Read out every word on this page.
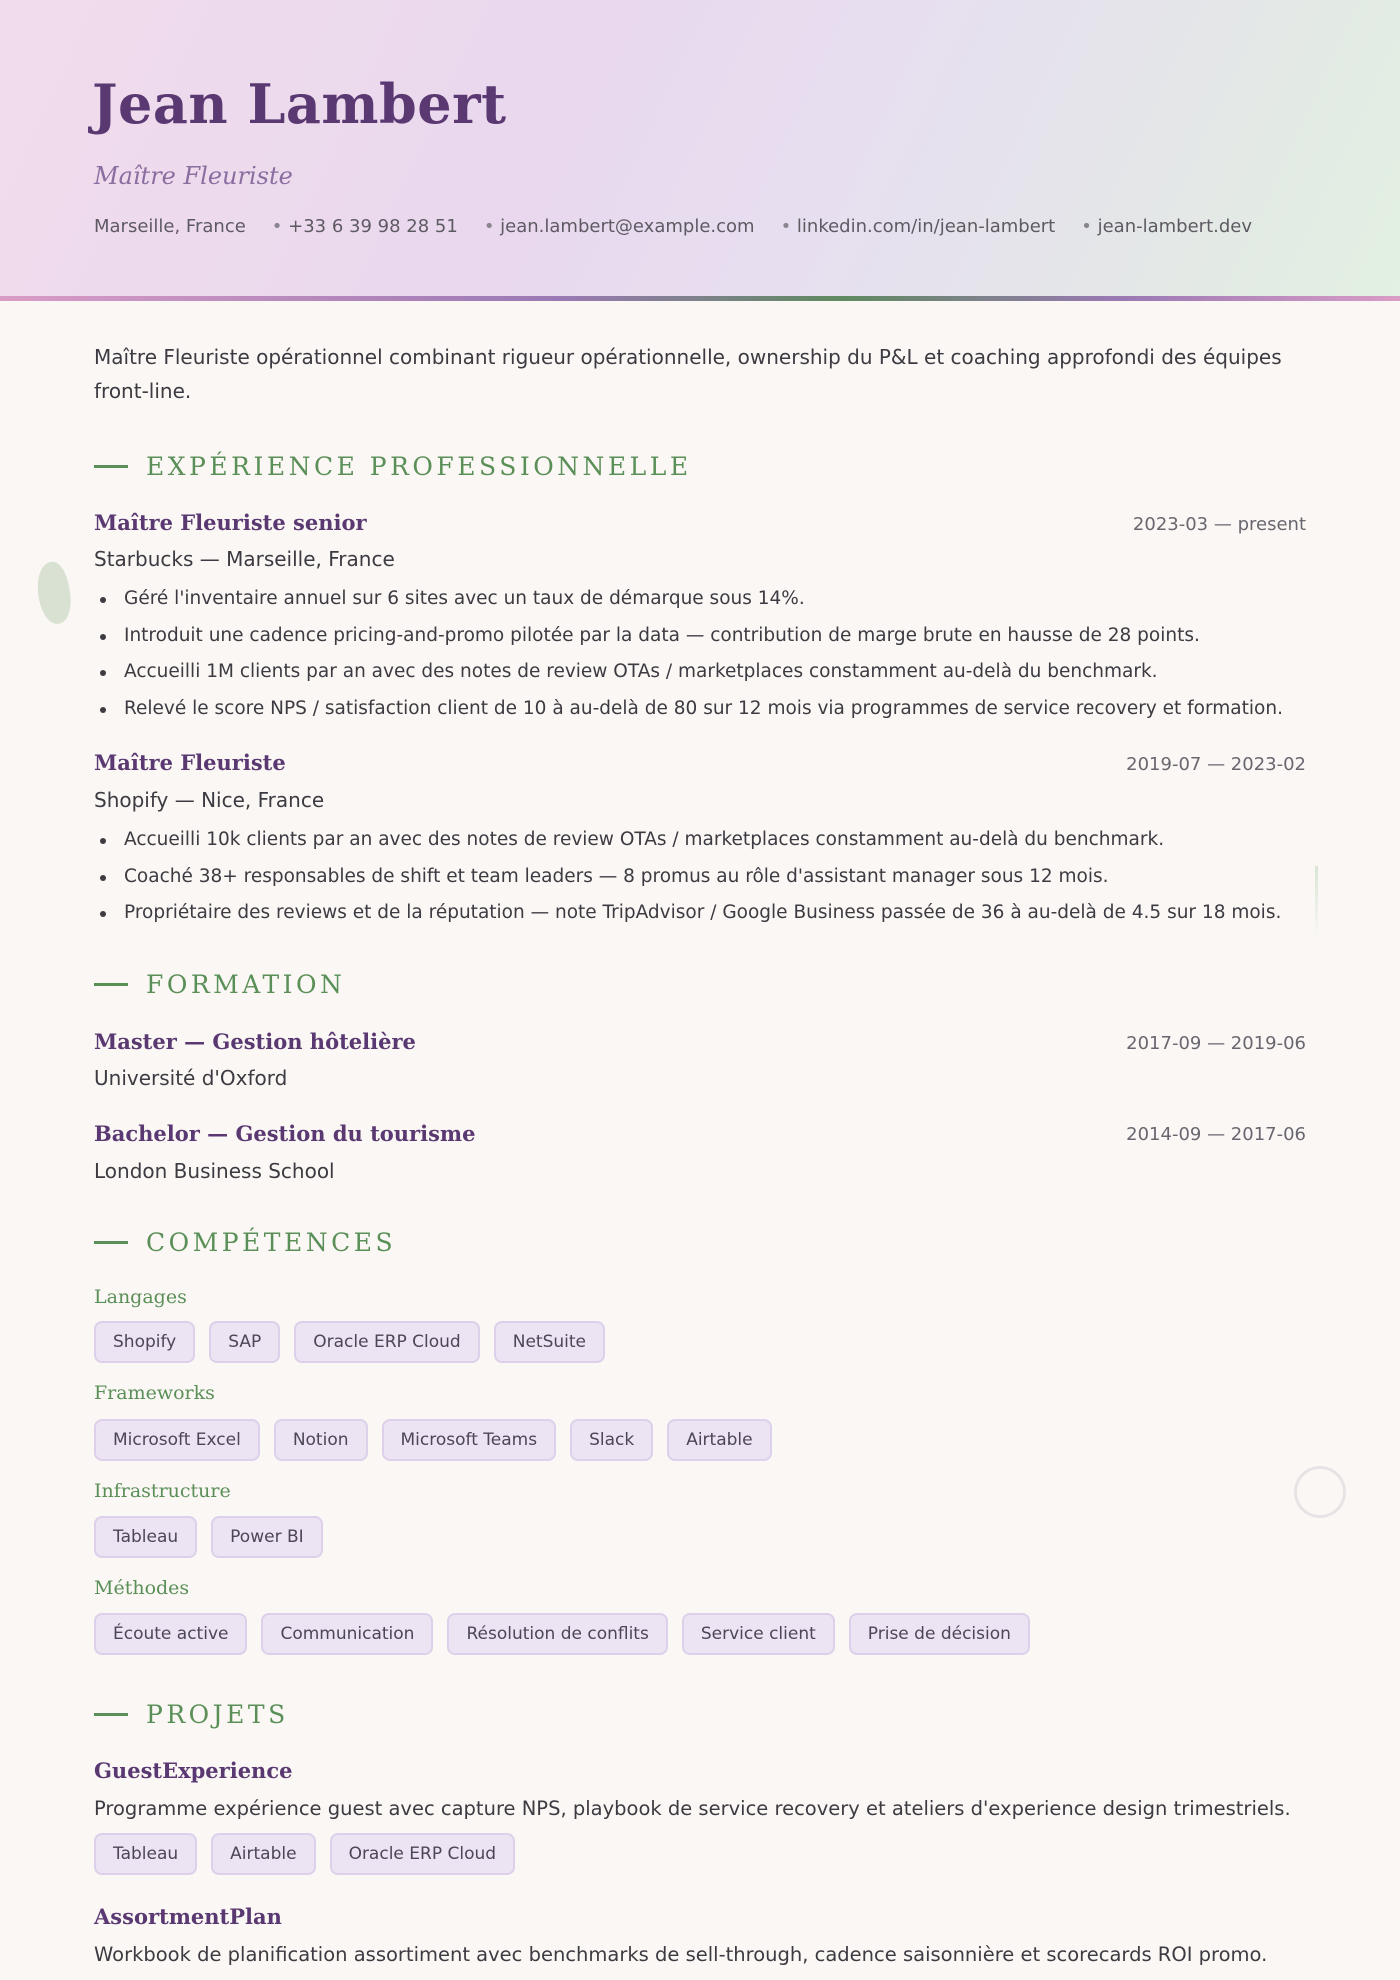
Jean Lambert
Maître Fleuriste
Marseille, France	• +33 6 39 98 28 51	• jean.lambert@example.com	• linkedin.com/in/jean-lambert	• jean-lambert.dev

Maître Fleuriste opérationnel combinant rigueur opérationnelle, ownership du P&L et coaching approfondi des équipes front-line.

EXPÉRIENCE PROFESSIONNELLE
Maître Fleuriste senior	2023-03 — present
Starbucks — Marseille, France
Géré l'inventaire annuel sur 6 sites avec un taux de démarque sous 14%.
Introduit une cadence pricing-and-promo pilotée par la data — contribution de marge brute en hausse de 28 points.
Accueilli 1M clients par an avec des notes de review OTAs / marketplaces constamment au-delà du benchmark.
Relevé le score NPS / satisfaction client de 10 à au-delà de 80 sur 12 mois via programmes de service recovery et formation.
Maître Fleuriste	2019-07 — 2023-02
Shopify — Nice, France
Accueilli 10k clients par an avec des notes de review OTAs / marketplaces constamment au-delà du benchmark.
Coaché 38+ responsables de shift et team leaders — 8 promus au rôle d'assistant manager sous 12 mois.
Propriétaire des reviews et de la réputation — note TripAdvisor / Google Business passée de 36 à au-delà de 4.5 sur 18 mois.
FORMATION
Master — Gestion hôtelière	2017-09 — 2019-06
Université d'Oxford
Bachelor — Gestion du tourisme	2014-09 — 2017-06
London Business School
COMPÉTENCES
Langages
Shopify	SAP	Oracle ERP Cloud	NetSuite
Frameworks
Microsoft Excel	Notion	Microsoft Teams	Slack	Airtable
Infrastructure
Tableau	Power BI
Méthodes
Écoute active	Communication	Résolution de conflits	Service client	Prise de décision
PROJETS
GuestExperience
Programme expérience guest avec capture NPS, playbook de service recovery et ateliers d'experience design trimestriels.
Tableau	Airtable	Oracle ERP Cloud
AssortmentPlan
Workbook de planification assortiment avec benchmarks de sell-through, cadence saisonnière et scorecards ROI promo.
